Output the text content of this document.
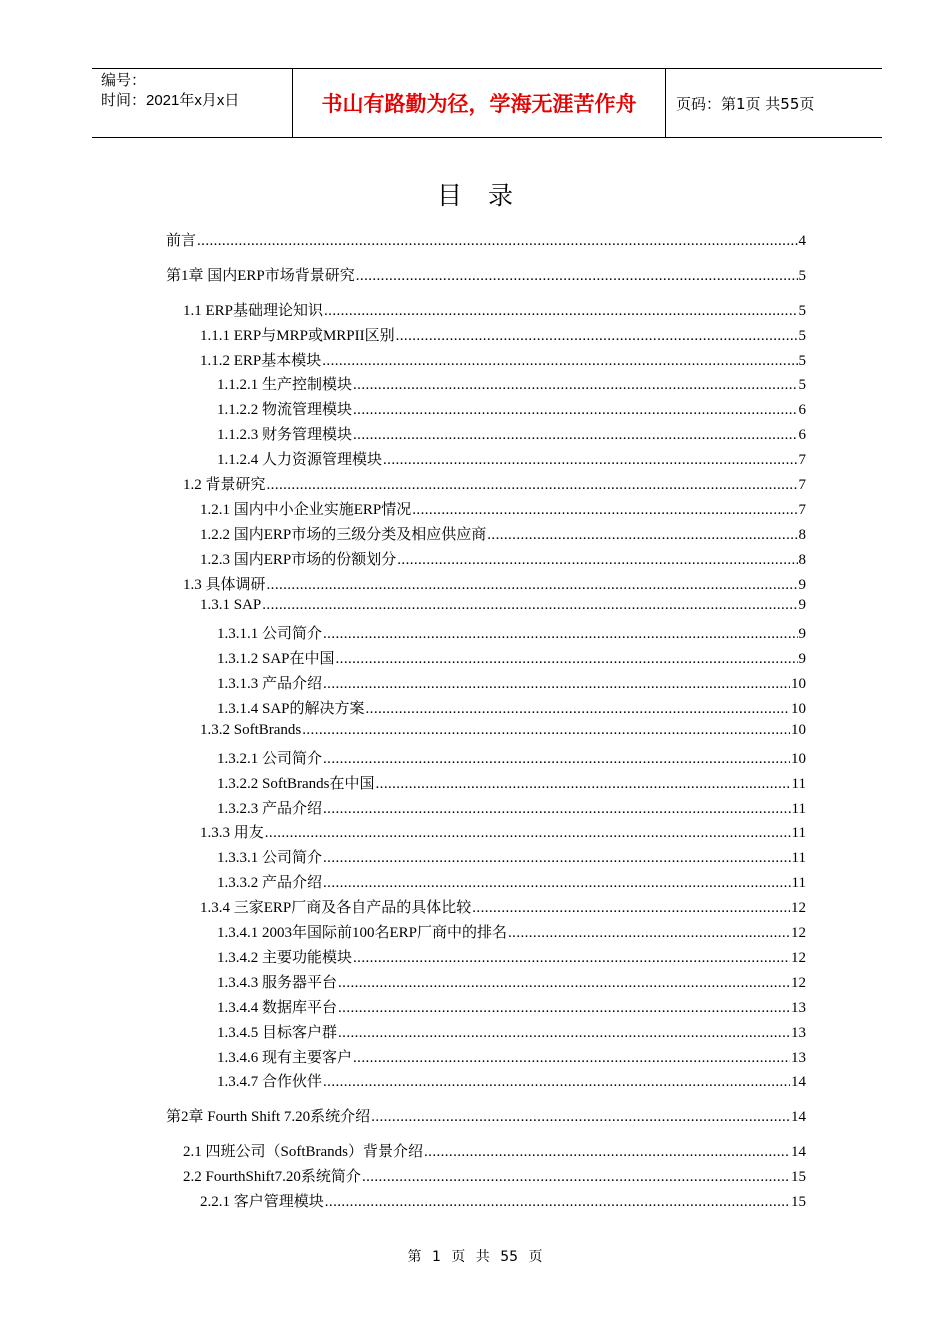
编号：
时间：2021年x月x日	书山有路勤为径，学海无涯苦作舟	页码：第1页 共55页
目录
前言 .....	4
第1章 国内ERP市场背景研究 .....	5
1.1 ERP基础理论知识 .....	5
1.1.1 ERP与MRP或MRPII区别 .....	5
1.1.2 ERP基本模块 .....	5
1.1.2.1 生产控制模块 .....	5
1.1.2.2 物流管理模块 .....	6
1.1.2.3 财务管理模块 .....	6
1.1.2.4 人力资源管理模块 .....	7
1.2 背景研究 .....	7
1.2.1 国内中小企业实施ERP情况 .....	7
1.2.2 国内ERP市场的三级分类及相应供应商 .....	8
1.2.3 国内ERP市场的份额划分 .....	8
1.3 具体调研 .....	9
1.3.1 SAP .....	9
1.3.1.1 公司简介 .....	9
1.3.1.2 SAP在中国 .....	9
1.3.1.3 产品介绍 .....	10
1.3.1.4 SAP的解决方案 .....	10
1.3.2 SoftBrands .....	10
1.3.2.1 公司简介 .....	10
1.3.2.2 SoftBrands在中国 .....	11
1.3.2.3 产品介绍 .....	11
1.3.3 用友 .....	11
1.3.3.1 公司简介 .....	11
1.3.3.2 产品介绍 .....	11
1.3.4 三家ERP厂商及各自产品的具体比较 .....	12
1.3.4.1 2003年国际前100名ERP厂商中的排名 .....	12
1.3.4.2 主要功能模块 .....	12
1.3.4.3 服务器平台 .....	12
1.3.4.4 数据库平台 .....	13
1.3.4.5 目标客户群 .....	13
1.3.4.6 现有主要客户 .....	13
1.3.4.7 合作伙伴 .....	14
第2章 Fourth Shift 7.20系统介绍 .....	14
2.1 四班公司（SoftBrands）背景介绍 .....	14
2.2 FourthShift7.20系统简介 .....	15
2.2.1 客户管理模块 .....	15
第 1 页 共 55 页
